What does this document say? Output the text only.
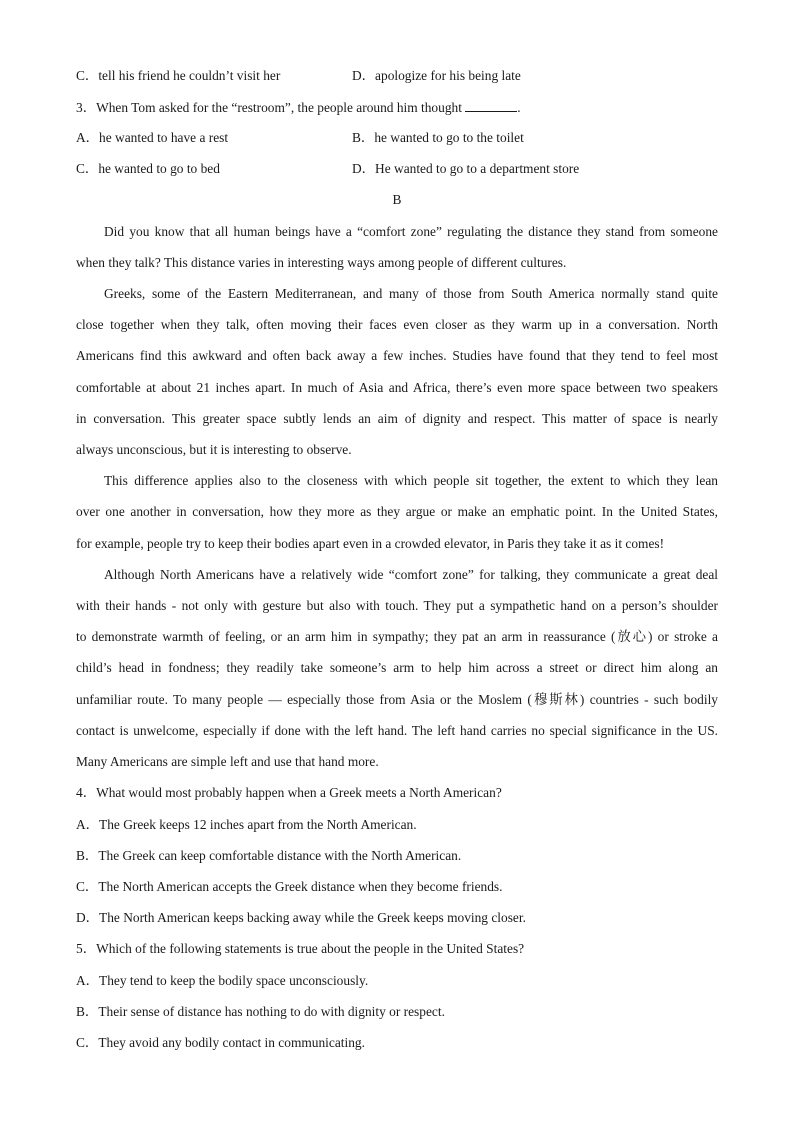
C．tell his friend he couldn’t visit her	D．apologize for his being late
3．When Tom asked for the “restroom”, the people around him thought	.
A．he wanted to have a rest	B．he wanted to go to the toilet
C．he wanted to go to bed	D．He wanted to go to a department store
B
Did you know that all human beings have a “comfort zone” regulating the distance they stand from someone
when they talk? This distance varies in interesting ways among people of different cultures.
Greeks, some of the Eastern Mediterranean, and many of those from South America normally stand quite
close together when they talk, often moving their faces even closer as they warm up in a conversation. North
Americans find this awkward and often back away a few inches. Studies have found that they tend to feel most
comfortable at about 21 inches apart. In much of Asia and Africa, there’s even more space between two speakers
in conversation. This greater space subtly lends an aim of dignity and respect. This matter of space is nearly
always unconscious, but it is interesting to observe.
This difference applies also to the closeness with which people sit together, the extent to which they lean
over one another in conversation, how they more as they argue or make an emphatic point. In the United States,
for example, people try to keep their bodies apart even in a crowded elevator, in Paris they take it as it comes!
Although North Americans have a relatively wide “comfort zone” for talking, they communicate a great deal
with their hands - not only with gesture but also with touch. They put a sympathetic hand on a person’s shoulder
to demonstrate warmth of feeling, or an arm him in sympathy; they pat an arm in reassurance (放心) or stroke a
child’s head in fondness; they readily take someone’s arm to help him across a street or direct him along an
unfamiliar route. To many people — especially those from Asia or the Moslem (穆斯林) countries - such bodily
contact is unwelcome, especially if done with the left hand. The left hand carries no special significance in the US.
Many Americans are simple left and use that hand more.
4．What would most probably happen when a Greek meets a North American?
A．The Greek keeps 12 inches apart from the North American.
B．The Greek can keep comfortable distance with the North American.
C．The North American accepts the Greek distance when they become friends.
D．The North American keeps backing away while the Greek keeps moving closer.
5．Which of the following statements is true about the people in the United States?
A．They tend to keep the bodily space unconsciously.
B．Their sense of distance has nothing to do with dignity or respect.
C．They avoid any bodily contact in communicating.
